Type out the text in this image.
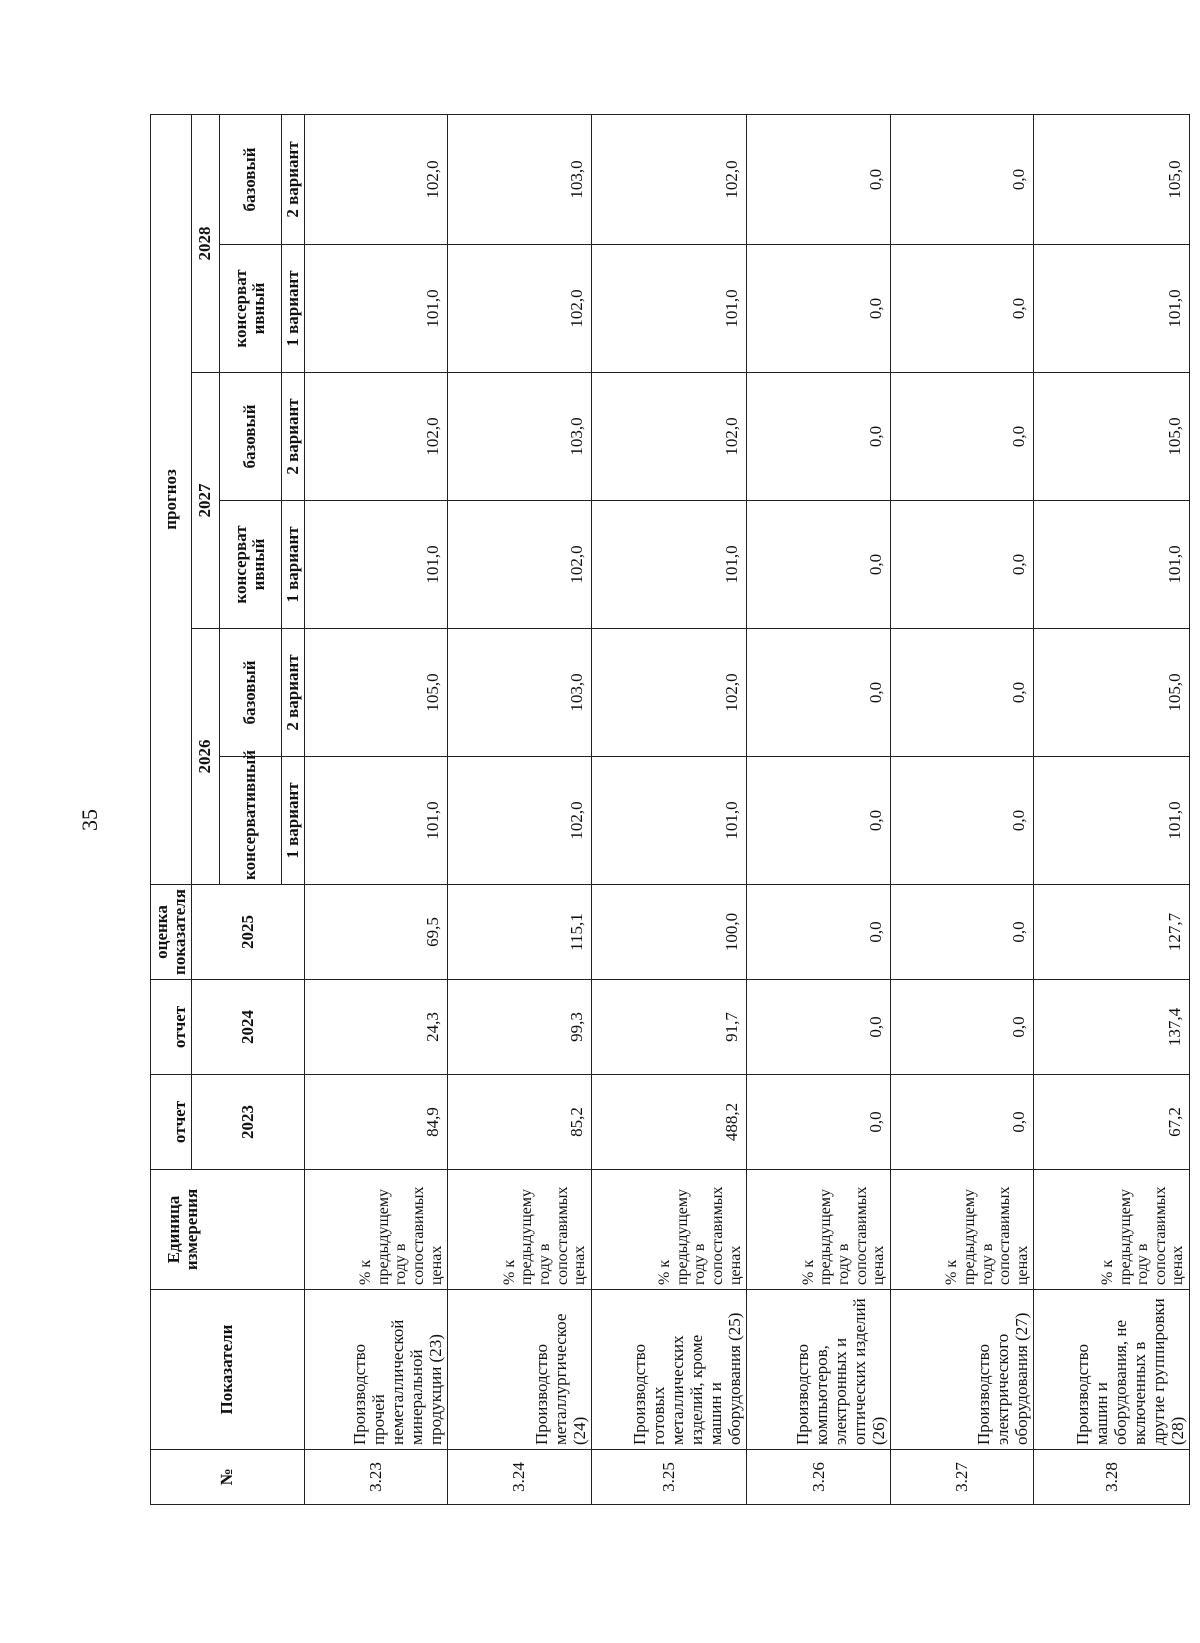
35
№	Показатели	Единица измерения	отчет	отчет	оценка показателя	прогноз					
			2023	2024	2025	2026		2027		2028	
						консервативный	базовый	консерват ивный	базовый	консерват ивный	базовый
						1 вариант	2 вариант	1 вариант	2 вариант	1 вариант	2 вариант
3.23	Производство прочей неметаллической минеральной продукции (23)	% к предыдущему году в сопоставимых ценах	84,9	24,3	69,5	101,0	105,0	101,0	102,0	101,0	102,0
3.24	Производство металлургическое (24)	% к предыдущему году в сопоставимых ценах	85,2	99,3	115,1	102,0	103,0	102,0	103,0	102,0	103,0
3.25	Производство готовых металлических изделий, кроме машин и оборудования (25)	% к предыдущему году в сопоставимых ценах	488,2	91,7	100,0	101,0	102,0	101,0	102,0	101,0	102,0
3.26	Производство компьютеров, электронных и оптических изделий (26)	% к предыдущему году в сопоставимых ценах	0,0	0,0	0,0	0,0	0,0	0,0	0,0	0,0	0,0
3.27	Производство электрического оборудования (27)	% к предыдущему году в сопоставимых ценах	0,0	0,0	0,0	0,0	0,0	0,0	0,0	0,0	0,0
3.28	Производство машин и оборудования, не включенных в другие группировки (28)	% к предыдущему году в сопоставимых ценах	67,2	137,4	127,7	101,0	105,0	101,0	105,0	101,0	105,0
